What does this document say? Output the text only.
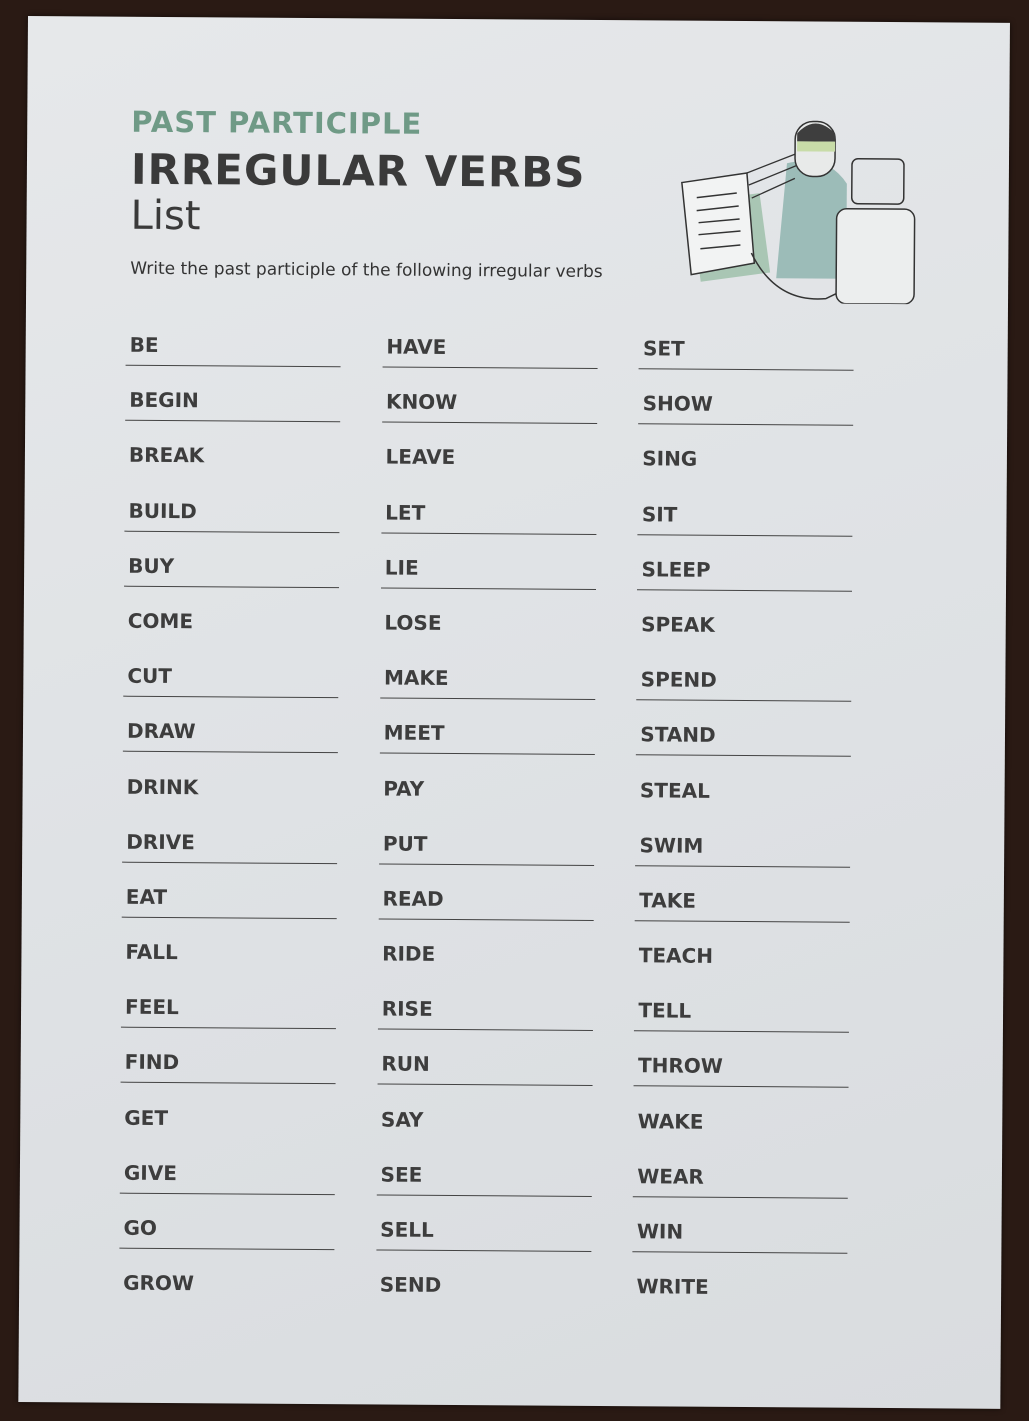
PAST PARTICIPLE
IRREGULAR VERBS
List
Write the past participle of the following irregular verbs
BE	HAVE	SET
BEGIN	KNOW	SHOW
BREAK	LEAVE	SING
BUILD	LET	SIT
BUY	LIE	SLEEP
COME	LOSE	SPEAK
CUT	MAKE	SPEND
DRAW	MEET	STAND
DRINK	PAY	STEAL
DRIVE	PUT	SWIM
EAT	READ	TAKE
FALL	RIDE	TEACH
FEEL	RISE	TELL
FIND	RUN	THROW
GET	SAY	WAKE
GIVE	SEE	WEAR
GO	SELL	WIN
GROW	SEND	WRITE
